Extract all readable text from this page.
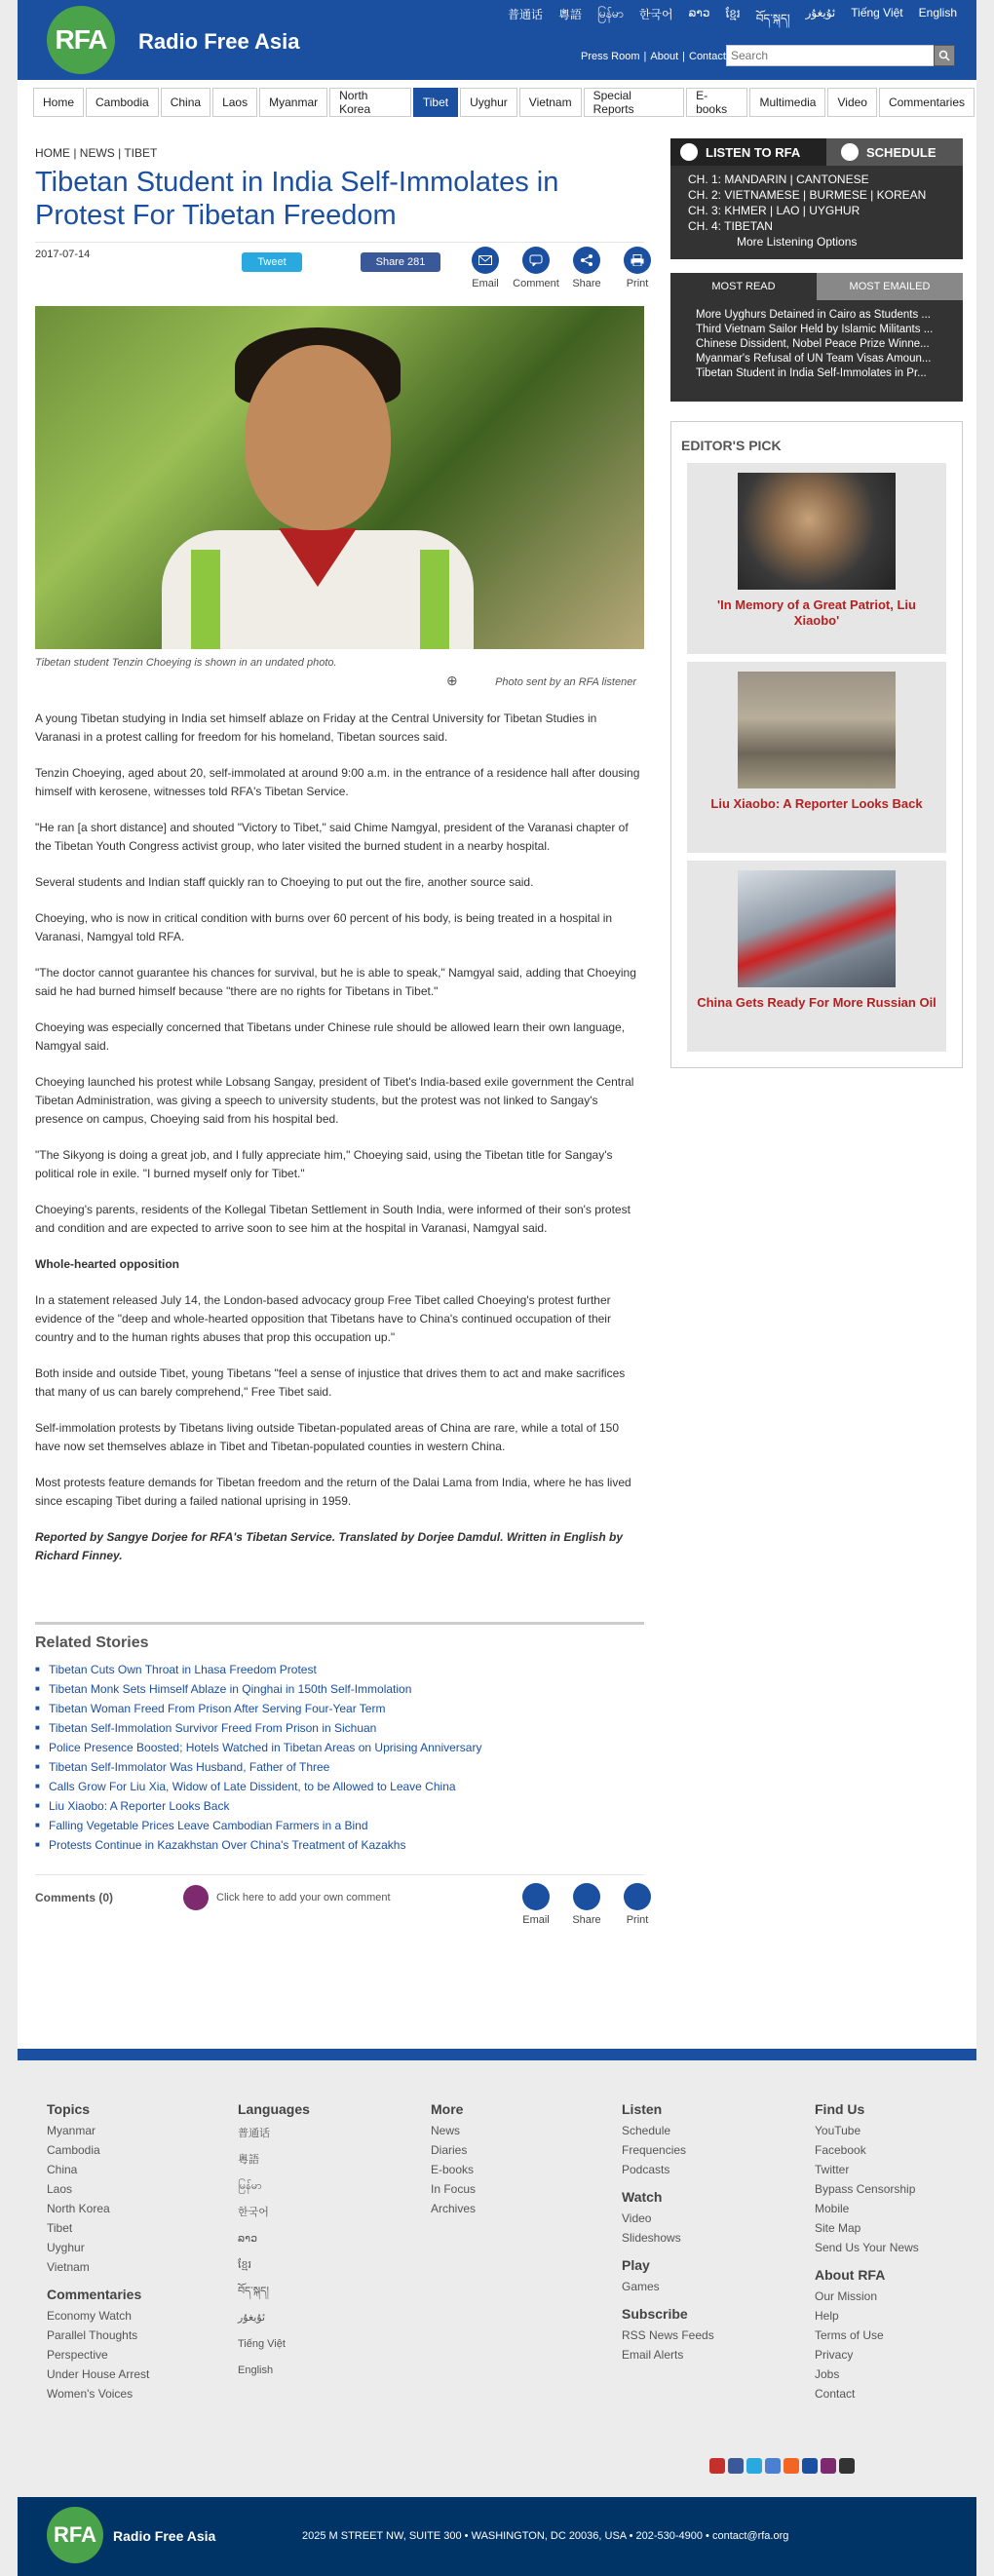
RFA	Radio Free Asia
普通话 粵語 မြန်မာ 한국어 ລາວ ខ្មែរ བོད་སྐད། ئۇيغۇر Tiếng Việt English
Press Room | About | Contact
Search
Home	Cambodia	China	Laos	Myanmar	North Korea	Tibet	Uyghur	Vietnam	Special Reports
E-books	Multimedia	Video	Commentaries
HOME | NEWS | TIBET
Tibetan Student in India Self-Immolates in Protest For Tibetan Freedom
2017-07-14
Tweet	Share 281
Email	Comment	Share	Print
Tibetan student Tenzin Choeying is shown in an undated photo.
⊕	Photo sent by an RFA listener

A young Tibetan studying in India set himself ablaze on Friday at the Central University for Tibetan Studies in Varanasi in a protest calling for freedom for his homeland, Tibetan sources said.

Tenzin Choeying, aged about 20, self-immolated at around 9:00 a.m. in the entrance of a residence hall after dousing himself with kerosene, witnesses told RFA's Tibetan Service.

"He ran [a short distance] and shouted "Victory to Tibet," said Chime Namgyal, president of the Varanasi chapter of the Tibetan Youth Congress activist group, who later visited the burned student in a nearby hospital.

Several students and Indian staff quickly ran to Choeying to put out the fire, another source said.

Choeying, who is now in critical condition with burns over 60 percent of his body, is being treated in a hospital in Varanasi, Namgyal told RFA.

"The doctor cannot guarantee his chances for survival, but he is able to speak," Namgyal said, adding that Choeying said he had burned himself because "there are no rights for Tibetans in Tibet."

Choeying was especially concerned that Tibetans under Chinese rule should be allowed learn their own language, Namgyal said.

Choeying launched his protest while Lobsang Sangay, president of Tibet's India-based exile government the Central Tibetan Administration, was giving a speech to university students, but the protest was not linked to Sangay's presence on campus, Choeying said from his hospital bed.

"The Sikyong is doing a great job, and I fully appreciate him," Choeying said, using the Tibetan title for Sangay's political role in exile. "I burned myself only for Tibet."

Choeying's parents, residents of the Kollegal Tibetan Settlement in South India, were informed of their son's protest and condition and are expected to arrive soon to see him at the hospital in Varanasi, Namgyal said.

Whole-hearted opposition

In a statement released July 14, the London-based advocacy group Free Tibet called Choeying's protest further evidence of the "deep and whole-hearted opposition that Tibetans have to China's continued occupation of their country and to the human rights abuses that prop this occupation up."

Both inside and outside Tibet, young Tibetans "feel a sense of injustice that drives them to act and make sacrifices that many of us can barely comprehend," Free Tibet said.

Self-immolation protests by Tibetans living outside Tibetan-populated areas of China are rare, while a total of 150 have now set themselves ablaze in Tibet and Tibetan-populated counties in western China.

Most protests feature demands for Tibetan freedom and the return of the Dalai Lama from India, where he has lived since escaping Tibet during a failed national uprising in 1959.

Reported by Sangye Dorjee for RFA's Tibetan Service. Translated by Dorjee Damdul. Written in English by Richard Finney.

Related Stories
■ Tibetan Cuts Own Throat in Lhasa Freedom Protest
■ Tibetan Monk Sets Himself Ablaze in Qinghai in 150th Self-Immolation
■ Tibetan Woman Freed From Prison After Serving Four-Year Term
■ Tibetan Self-Immolation Survivor Freed From Prison in Sichuan
■ Police Presence Boosted; Hotels Watched in Tibetan Areas on Uprising Anniversary
■ Tibetan Self-Immolator Was Husband, Father of Three
■ Calls Grow For Liu Xia, Widow of Late Dissident, to be Allowed to Leave China
■ Liu Xiaobo: A Reporter Looks Back
■ Falling Vegetable Prices Leave Cambodian Farmers in a Bind
■ Protests Continue in Kazakhstan Over China's Treatment of Kazakhs
Comments (0)	Click here to add your own comment
Email	Share	Print
LISTEN TO RFA	SCHEDULE
CH. 1: MANDARIN | CANTONESE
CH. 2: VIETNAMESE | BURMESE | KOREAN
CH. 3: KHMER | LAO | UYGHUR
CH. 4: TIBETAN
More Listening Options
MOST READ	MOST EMAILED
• More Uyghurs Detained in Cairo as Students ...
• Third Vietnam Sailor Held by Islamic Militants ...
• Chinese Dissident, Nobel Peace Prize Winne...
• Myanmar's Refusal of UN Team Visas Amoun...
• Tibetan Student in India Self-Immolates in Pr...
EDITOR'S PICK
'In Memory of a Great Patriot, Liu Xiaobo'
Liu Xiaobo: A Reporter Looks Back
China Gets Ready For More Russian Oil
Topics
Myanmar
Cambodia
China
Laos
North Korea
Tibet
Uyghur
Vietnam
Commentaries
Economy Watch
Parallel Thoughts
Perspective
Under House Arrest
Women's Voices
Languages
普通话
粵語
မြန်မာ
한국어
ລາວ
ខ្មែរ
བོད་སྐད།
ئۇيغۇر
Tiếng Việt
English
More
News
Diaries
E-books
In Focus
Archives
Listen
Schedule
Frequencies
Podcasts
Watch
Video
Slideshows
Play
Games
Subscribe
RSS News Feeds
Email Alerts
Find Us
YouTube
Facebook
Twitter
Bypass Censorship
Mobile
Site Map
Send Us Your News
About RFA
Our Mission
Help
Terms of Use
Privacy
Jobs
Contact
RFA	Radio Free Asia	2025 M STREET NW, SUITE 300 • WASHINGTON, DC 20036, USA • 202-530-4900 • contact@rfa.org
